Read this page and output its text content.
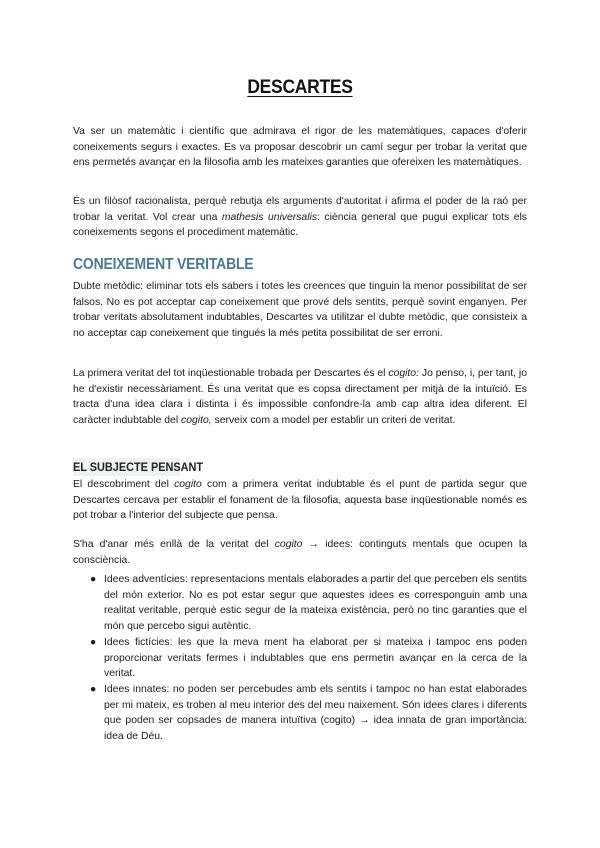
DESCARTES

Va ser un matemàtic i científic que admirava el rigor de les matemàtiques, capaces d'oferir coneixements segurs i exactes. Es va proposar descobrir un camí segur per trobar la veritat que ens permetés avançar en la filosofia amb les mateixes garanties que ofereixen les matemàtiques.

És un filòsof racionalista, perquè rebutja els arguments d'autoritat i afirma el poder de la raó per trobar la veritat. Vol crear una mathesis universalis: ciència general que pugui explicar tots els coneixements segons el procediment matemàtic.

CONEIXEMENT VERITABLE

Dubte metòdic: eliminar tots els sabers i totes les creences que tinguin la menor possibilitat de ser falsos. No es pot acceptar cap coneixement que prové dels sentits, perquè sovint enganyen. Per trobar veritats absolutament indubtables, Descartes va utilitzar el dubte metòdic, que consisteix a no acceptar cap coneixement que tingués la més petita possibilitat de ser erroni.

La primera veritat del tot inqüestionable trobada per Descartes és el cogito: Jo penso, i, per tant, jo he d'existir necessàriament. És una veritat que es copsa directament per mitjà de la intuïció. Es tracta d'una idea clara i distinta i és impossible confondre-la amb cap altra idea diferent. El caràcter indubtable del cogito, serveix com a model per establir un criteri de veritat.

EL SUBJECTE PENSANT

El descobriment del cogito com a primera veritat indubtable és el punt de partida segur que Descartes cercava per establir el fonament de la filosofia, aquesta base inqüestionable només es pot trobar a l'interior del subjecte que pensa.

S'ha d'anar més enllà de la veritat del cogito → idees: continguts mentals que ocupen la consciència.

● Idees adventícies: representacions mentals elaborades a partir del que perceben els sentits del món exterior. No es pot estar segur que aquestes idees es corresponguin amb una realitat veritable, perquè estic segur de la mateixa existència, però no tinc garanties que el món que percebo sigui autèntic.
● Idees fictícies: les que la meva ment ha elaborat per si mateixa i tampoc ens poden proporcionar veritats fermes i indubtables que ens permetin avançar en la cerca de la veritat.
● Idees innates: no poden ser percebudes amb els sentits i tampoc no han estat elaborades per mi mateix, es troben al meu interior des del meu naixement. Són idees clares i diferents que poden ser copsades de manera intuïtiva (cogito) → idea innata de gran importància: idea de Déu.
